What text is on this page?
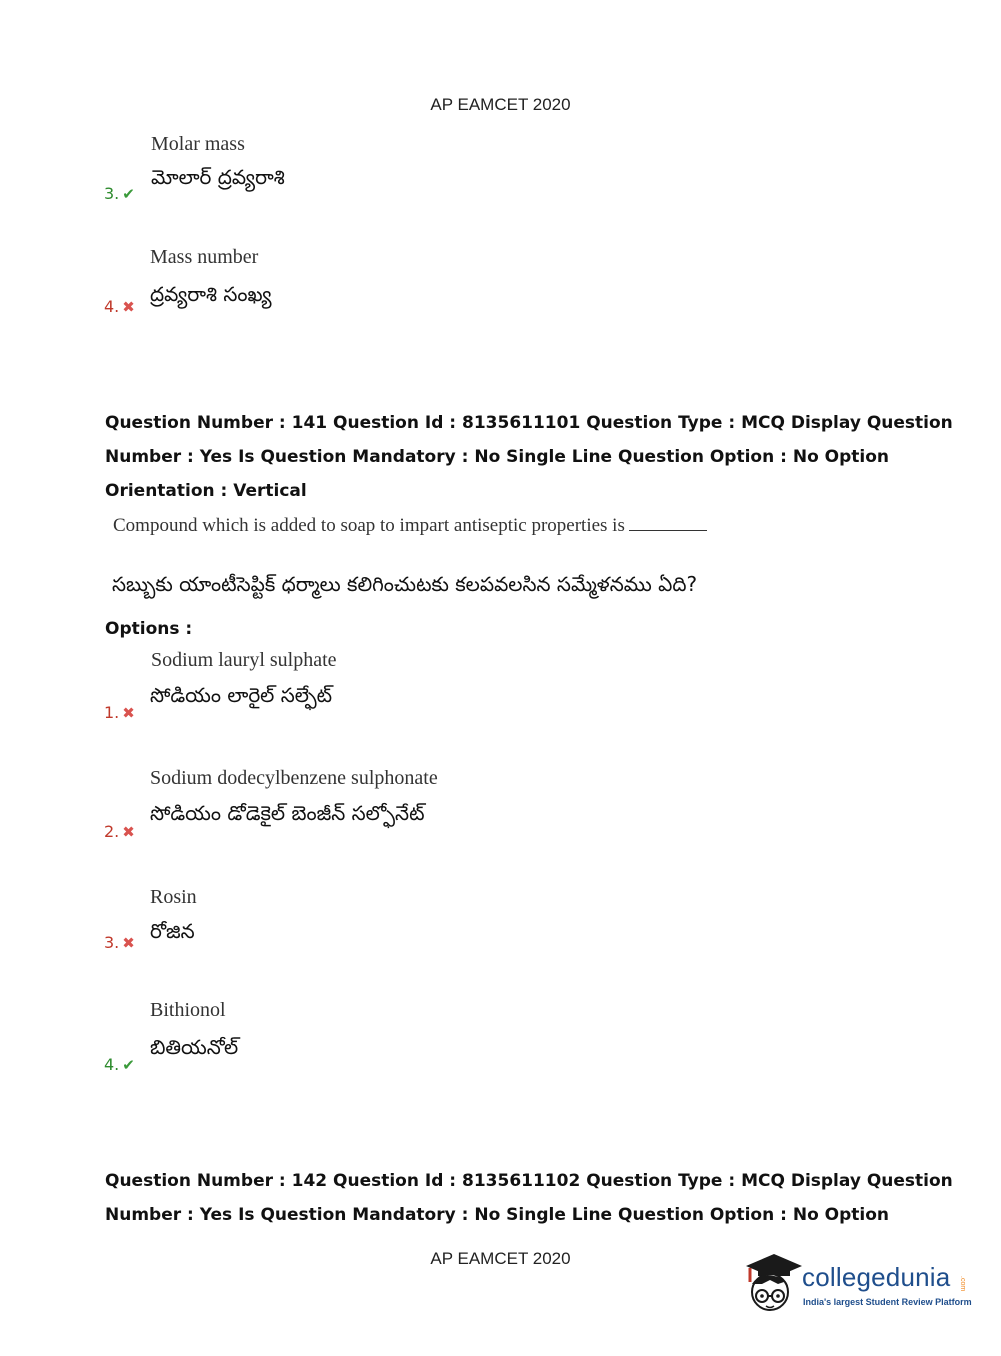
AP EAMCET 2020
Molar mass
మోలార్ ద్రవ్యరాశి
3. ✔
Mass number
ద్రవ్యరాశి సంఖ్య
4. ✖
Question Number : 141 Question Id : 8135611101 Question Type : MCQ Display Question
Number : Yes Is Question Mandatory : No Single Line Question Option : No Option
Orientation : Vertical
Compound which is added to soap to impart antiseptic properties is
సబ్బుకు యాంటీసెప్టిక్ ధర్మాలు కలిగించుటకు కలపవలసిన సమ్మేళనము ఏది?
Options :
Sodium lauryl sulphate
సోడియం లారైల్ సల్ఫేట్
1. ✖
Sodium dodecylbenzene sulphonate
సోడియం డోడెకైల్ బెంజీన్ సల్ఫోనేట్
2. ✖
Rosin
రోజిన
3. ✖
Bithionol
బితియనోల్
4. ✔
Question Number : 142 Question Id : 8135611102 Question Type : MCQ Display Question
Number : Yes Is Question Mandatory : No Single Line Question Option : No Option
AP EAMCET 2020
collegedunia .com
India's largest Student Review Platform
